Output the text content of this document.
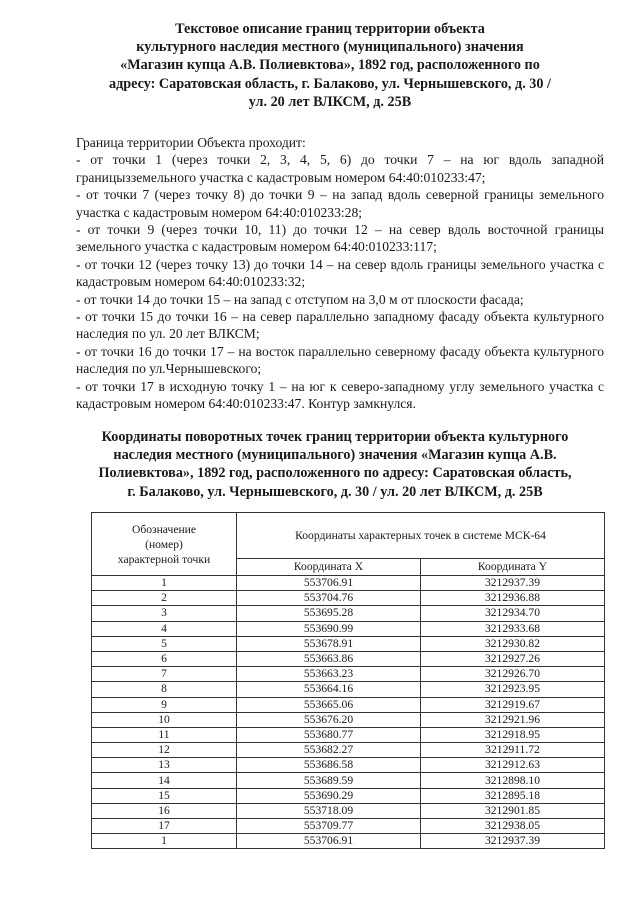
Текстовое описание границ территории объекта
культурного наследия местного (муниципального) значения
«Магазин купца А.В. Полиевктова», 1892 год, расположенного по
адресу: Саратовская область, г. Балаково, ул. Чернышевского, д. 30 /
ул. 20 лет ВЛКСМ, д. 25В

Граница территории Объекта проходит:

- от точки 1 (через точки 2, 3, 4, 5, 6) до точки 7 – на юг вдоль западной границызземельного участка с кадастровым номером 64:40:010233:47;

- от точки 7 (через точку 8) до точки 9 – на запад вдоль северной границы земельного участка с кадастровым номером 64:40:010233:28;

- от точки 9 (через точки 10, 11) до точки 12 – на север вдоль восточной границы земельного участка с кадастровым номером 64:40:010233:117;

- от точки 12 (через точку 13) до точки 14 – на север вдоль границы земельного участка с кадастровым номером 64:40:010233:32;

- от точки 14 до точки 15 – на запад с отступом на 3,0 м от плоскости фасада;

- от точки 15 до точки 16 – на север параллельно западному фасаду объекта культурного наследия по ул. 20 лет ВЛКСМ;

- от точки 16 до точки 17 – на восток параллельно северному фасаду объекта культурного наследия по ул.Чернышевского;

- от точки 17 в исходную точку 1 – на юг к северо-западному углу земельного участка с кадастровым номером 64:40:010233:47. Контур замкнулся.

Координаты поворотных точек границ территории объекта культурного
наследия местного (муниципального) значения «Магазин купца А.В.
Полиевктова», 1892 год, расположенного по адресу: Саратовская область,
г. Балаково, ул. Чернышевского, д. 30 / ул. 20 лет ВЛКСМ, д. 25В
Обозначение
(номер)
характерной точки	Координаты характерных точек в системе МСК-64	
	Координата X	Координата Y
1	553706.91	3212937.39
2	553704.76	3212936.88
3	553695.28	3212934.70
4	553690.99	3212933.68
5	553678.91	3212930.82
6	553663.86	3212927.26
7	553663.23	3212926.70
8	553664.16	3212923.95
9	553665.06	3212919.67
10	553676.20	3212921.96
11	553680.77	3212918.95
12	553682.27	3212911.72
13	553686.58	3212912.63
14	553689.59	3212898.10
15	553690.29	3212895.18
16	553718.09	3212901.85
17	553709.77	3212938.05
1	553706.91	3212937.39
